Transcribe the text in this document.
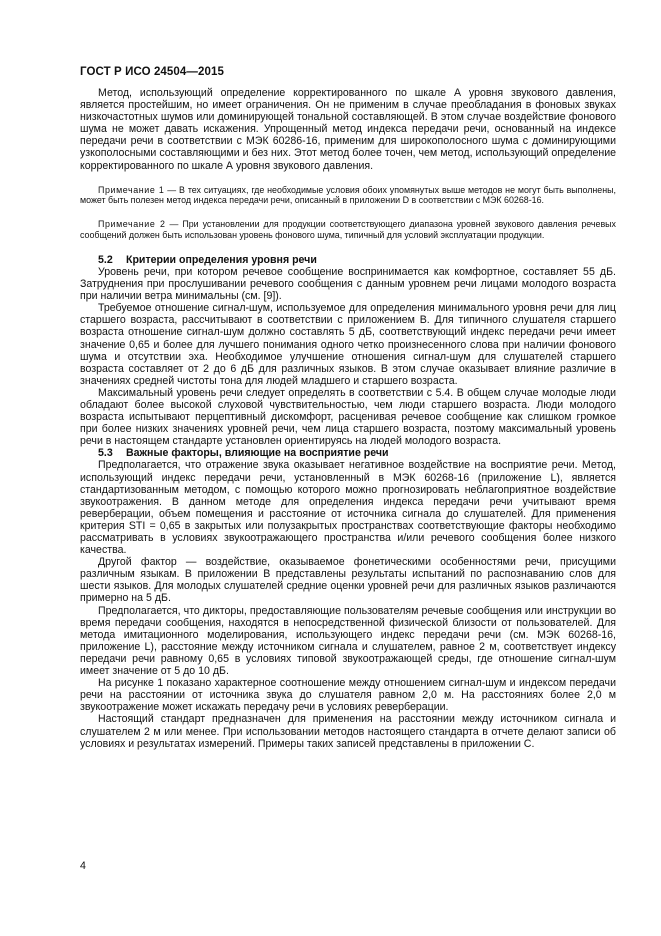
ГОСТ Р ИСО 24504—2015

Метод, использующий определение корректированного по шкале А уровня звукового давления, является простейшим, но имеет ограничения. Он не применим в случае преобладания в фоновых звуках низкочастотных шумов или доминирующей тональной составляющей. В этом случае воздействие фонового шума не может давать искажения. Упрощенный метод индекса передачи речи, основанный на индексе передачи речи в соответствии с МЭК 60286-16, применим для широкополосного шума с доминирующими узкополосными составляющими и без них. Этот метод более точен, чем метод, использующий определение корректированного по шкале А уровня звукового давления.

Примечание 1 — В тех ситуациях, где необходимые условия обоих упомянутых выше методов не могут быть выполнены, может быть полезен метод индекса передачи речи, описанный в приложении D в соответствии с МЭК 60268-16.

Примечание 2 — При установлении для продукции соответствующего диапазона уровней звукового давления речевых сообщений должен быть использован уровень фонового шума, типичный для условий эксплуатации продукции.

5.2 Критерии определения уровня речи

Уровень речи, при котором речевое сообщение воспринимается как комфортное, составляет 55 дБ. Затруднения при прослушивании речевого сообщения с данным уровнем речи лицами молодого возраста при наличии ветра минимальны (см. [9]).

Требуемое отношение сигнал-шум, используемое для определения минимального уровня речи для лиц старшего возраста, рассчитывают в соответствии с приложением B. Для типичного слушателя старшего возраста отношение сигнал-шум должно составлять 5 дБ, соответствующий индекс передачи речи имеет значение 0,65 и более для лучшего понимания одного четко произнесенного слова при наличии фонового шума и отсутствии эха. Необходимое улучшение отношения сигнал-шум для слушателей старшего возраста составляет от 2 до 6 дБ для различных языков. В этом случае оказывает влияние различие в значениях средней чистоты тона для людей младшего и старшего возраста.

Максимальный уровень речи следует определять в соответствии с 5.4. В общем случае молодые люди обладают более высокой слуховой чувствительностью, чем люди старшего возраста. Люди молодого возраста испытывают перцептивный дискомфорт, расценивая речевое сообщение как слишком громкое при более низких значениях уровней речи, чем лица старшего возраста, поэтому максимальный уровень речи в настоящем стандарте установлен ориентируясь на людей молодого возраста.

5.3 Важные факторы, влияющие на восприятие речи

Предполагается, что отражение звука оказывает негативное воздействие на восприятие речи. Метод, использующий индекс передачи речи, установленный в МЭК 60268-16 (приложение L), является стандартизованным методом, с помощью которого можно прогнозировать неблагоприятное воздействие звукоотражения. В данном методе для определения индекса передачи речи учитывают время реверберации, объем помещения и расстояние от источника сигнала до слушателей. Для применения критерия STI = 0,65 в закрытых или полузакрытых пространствах соответствующие факторы необходимо рассматривать в условиях звукоотражающего пространства и/или речевого сообщения более низкого качества.

Другой фактор — воздействие, оказываемое фонетическими особенностями речи, присущими различным языкам. В приложении B представлены результаты испытаний по распознаванию слов для шести языков. Для молодых слушателей средние оценки уровней речи для различных языков различаются примерно на 5 дБ.

Предполагается, что дикторы, предоставляющие пользователям речевые сообщения или инструкции во время передачи сообщения, находятся в непосредственной физической близости от пользователей. Для метода имитационного моделирования, использующего индекс передачи речи (см. МЭК 60268-16, приложение L), расстояние между источником сигнала и слушателем, равное 2 м, соответствует индексу передачи речи равному 0,65 в условиях типовой звукоотражающей среды, где отношение сигнал-шум имеет значение от 5 до 10 дБ.

На рисунке 1 показано характерное соотношение между отношением сигнал-шум и индексом передачи речи на расстоянии от источника звука до слушателя равном 2,0 м. На расстояниях более 2,0 м звукоотражение может искажать передачу речи в условиях реверберации.

Настоящий стандарт предназначен для применения на расстоянии между источником сигнала и слушателем 2 м или менее. При использовании методов настоящего стандарта в отчете делают записи об условиях и результатах измерений. Примеры таких записей представлены в приложении С.

4
